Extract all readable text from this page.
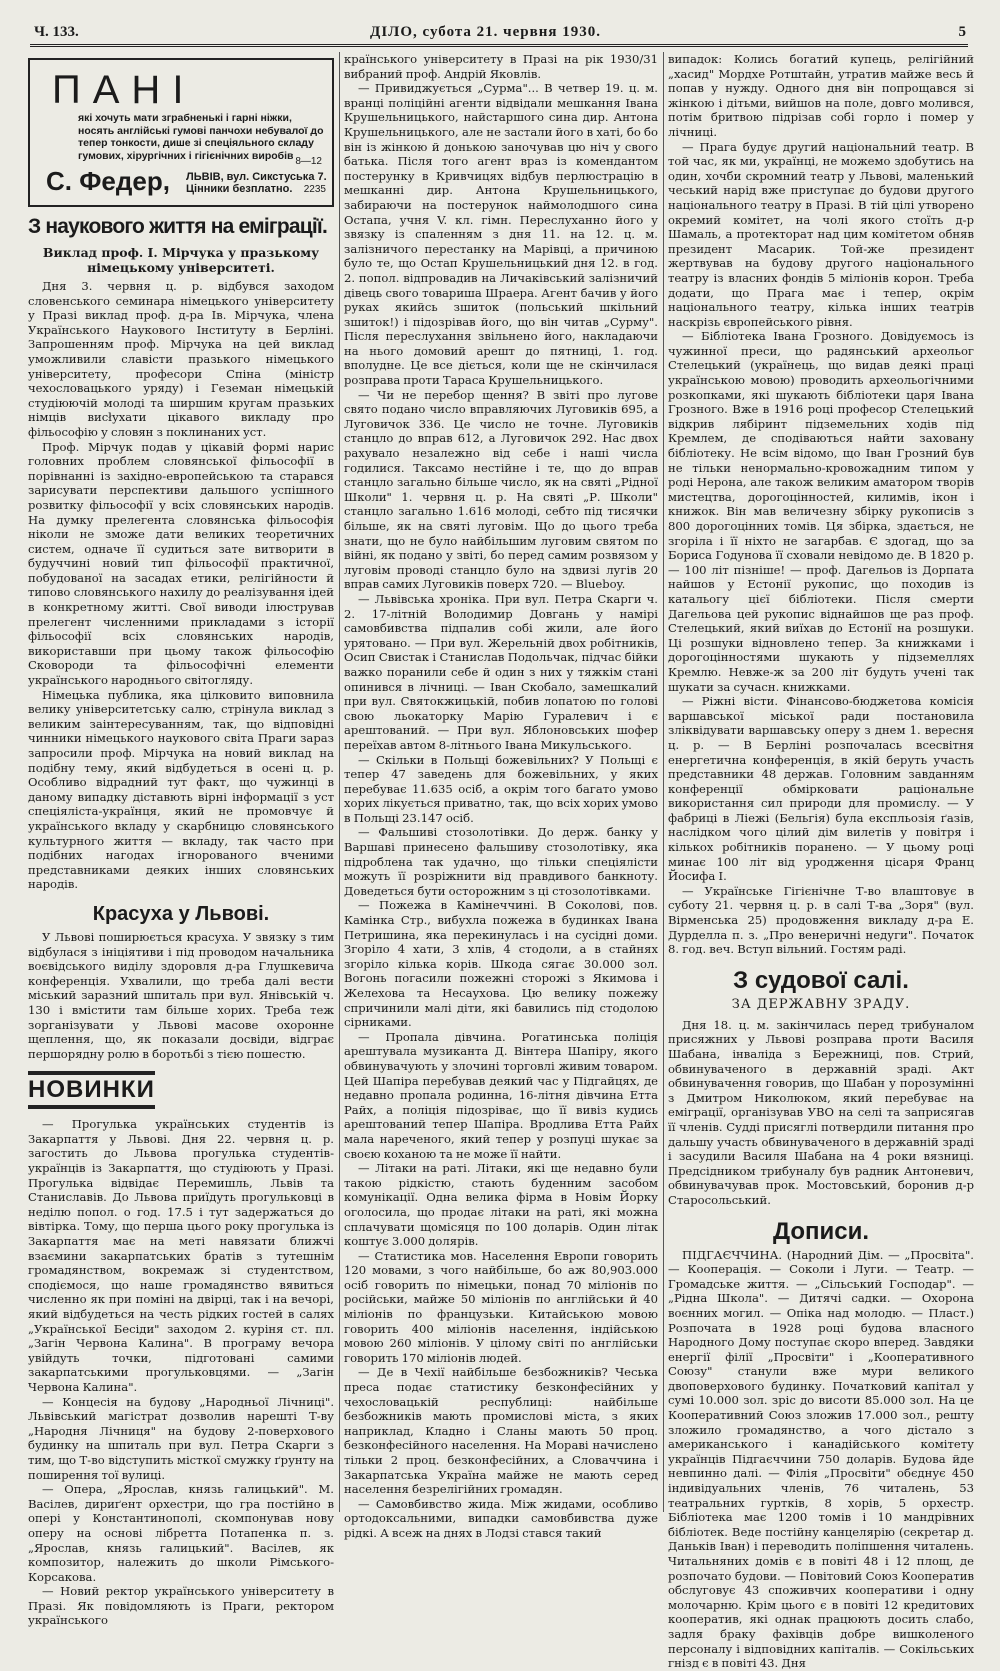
Ч. 133.	ДІЛО, субота 21. червня 1930.	5
ПАНІ
які хочуть мати зграбненькі і гарні ніжки, носять англійські гумові панчохи небувалої до тепер тонкости, дише зі спеціяльного складу гумових, хірургічних і гігієнічних виробів 8—12
С. Федер, ЛЬВІВ, вул. Сикстуська 7.
Цінники безплатно.	2235
З наукового життя на еміграції.
Виклад проф. І. Мірчука у празькому німецькому університеті.

Дня 3. червня ц. р. відбувся заходом словенського семинара німецького університету у Празі виклад проф. д-ра Ів. Мірчука, члена Українського Наукового Інституту в Берліні. Запрошенням проф. Мірчука на цей виклад уможливили славісти празького німецького університету, професори Спіна (міністр чехословацького уряду) і Геземан німецькій студіюючій молоді та ширшим кругам празьких німців висłухати цікавого викладу про фільософію у словян з поклинаних уст.

Проф. Мірчук подав у цікавій формі нарис головних проблем словянської фільософії в порівнанні із західно-европейською та старався зарисувати перспективи дальшого успішного розвитку фільософії у всіх словянських народів. На думку прелегента словянська фільософія ніколи не зможе дати великих теоретичних систем, одначе її судиться зате витворити в будуччині новий тип фільософії практичної, побудованої на засадах етики, релігійности й типово словянського нахилу до реалізування ідей в конкретному житті. Свої виводи ілюстрував прелегент численними прикладами з історії фільософії всіх словянських народів, використавши при цьому також фільософію Сковороди та фільософічні елементи українського народнього світогляду.

Німецька публика, яка цілковито виповнила велику університетську салю, стрінула виклад з великим заінтересуванням, так, що відповідні чинники німецького наукового світа Праги зараз запросили проф. Мірчука на новий виклад на подібну тему, який відбудеться в осені ц. р. Особливо відрадний тут факт, що чужинці в даному випадку діставють вірні інформації з уст спеціяліста-українця, який не промовчує й українського вкладу у скарбницю словянського культурного життя — вкладу, так часто при подібних нагодах ігнорованого вченими представниками деяких інших словянських народів.

Красуха у Львові.

У Львові поширюється красуха. У звязку з тим відбулася з ініціятиви і під проводом начальника воєвідського виділу здоровля д-ра Глушкевича конференція. Ухвалили, що треба далі вести міський заразний шпиталь при вул. Янівській ч. 130 і вмістити там більше хорих. Треба теж зорганізувати у Львові масове охоронне щеплення, що, як показали досвіди, відграє першорядну ролю в боротьбі з тією пошестю.

НОВИНКИ

— Прогулька українських студентів із Закарпаття у Львові. Дня 22. червня ц. р. загостить до Львова прогулька студентів-українців із Закарпаття, що студіюють у Празі. Прогулька відвідає Перемишль, Львів та Станиславів. До Львова приїдуть прогульковці в неділю попол. о год. 17.5 і тут задержаться до вівтірка. Тому, що перша цього року прогулька із Закарпаття має на меті навязати ближчі взаємини закарпатських братів з тутешнім громадянством, вокремаж зі студентством, сподіємося, що наше громадянство вявиться численно як при поміні на двірці, так і на вечорі, який відбудеться на честь рідких гостей в салях „Української Бесіди" заходом 2. куріня ст. пл. „Загін Червона Калина". В програму вечора увійдуть точки, підготовані самими закарпатськими прогульковцями. — „Загін Червона Калина".

— Концесія на будову „Народньої Лічниці". Львівський магістрат дозволив нарешті Т-ву „Народня Лічниця" на будову 2-поверхового будинку на шпиталь при вул. Петра Скарги з тим, що Т-во відступить місткої смужку ґрунту на поширення тої вулиці.

— Опера, „Ярослав, князь галицький". М. Васілев, дириґент орхестри, що гра постійно в опері у Константинополі, скомпонував нову оперу на основі лібретта Потапенка п. з. „Ярослав, князь галицький". Васілев, як композитор, належить до школи Рімського-Корсакова.

— Новий ректор українського університету в Празі. Як повідомляють із Праги, ректором українського

країнського університету в Празі на рік 1930/31 вибраний проф. Андрій Яковлів.

— Привиджується „Сурма"... В четвер 19. ц. м. вранці поліційні агенти відвідали мешкання Івана Крушельницького, найстаршого сина дир. Антона Крушельницького, але не застали його в хаті, бо бо він із жінкою й донькою заночував цю ніч у свого батька. Після того агент враз із комендантом постерунку в Кривчицях відбув перлюстрацію в мешканні дир. Антона Крушельницького, забираючи на постерунок наймолодшого сина Остапа, учня V. кл. гімн. Переслуханно його у звязку із спаленням з дня 11. на 12. ц. м. залізничого перестанку на Марівці, а причиною було те, що Остап Крушельницький дня 12. в год. 2. попол. відпровадив на Личаківський залізничий дівець свого товариша Шраера. Агент бачив у його руках якийсь зшиток (польський шкільний зшиток!) і підозрівав його, що він читав „Сурму". Після переслухання звільнено його, накладаючи на нього домовий арешт до пятниці, 1. год. вполудне. Це все діється, коли ще не скінчилася розправа проти Тараса Крушельницького.

— Чи не перебор щення? В звіті про лугове свято подано число вправляючих Луговиків 695, а Луговичок 336. Це число не точне. Луговиків станцло до вправ 612, а Луговичок 292. Нас двох рахувало незалежно від себе і наші числа годилися. Таксамо нестійне і те, що до вправ станцло загально більше число, як на святі „Рідної Школи" 1. червня ц. р. На святі „Р. Школи" станцло загально 1.616 молоді, себто під тисячки більше, як на святі луговім. Що до цього треба знати, що не було найбільшим луговим святом по війні, як подано у звіті, бо перед самим розвязом у луговім проводі станцло було на здвизі лугів 20 вправ самих Луговиків поверх 720. — Blueboy.

— Львівська хроніка. При вул. Петра Скарги ч. 2. 17-літній Володимир Довгань у намірі самовбивства підпалив собі жили, але його урятовано. — При вул. Жерельній двох робітників, Осип Свистак і Станислав Подольчак, підчас бійки важко поранили себе й один з них у тяжкім стані опинився в лічниці. — Іван Скобало, замешкалий при вул. Святокжицькій, побив лопатою по голові свою льокаторку Марію Гуралевич і є арештований. — При вул. Яблоновських шофер переїхав автом 8-літнього Івана Микульського.

— Скільки в Польщі божевільних? У Польщі є тепер 47 заведень для божевільних, у яких перебуває 11.635 осіб, а окрім того багато умово хорих лікується приватно, так, що всіх хорих умово в Польщі 23.147 осіб.

— Фальшиві стозолотівки. До держ. банку у Варшаві принесено фальшиву стозолотівку, яка підроблена так удачно, що тільки спеціялісти можуть її розріжнити від правдивого банкноту. Доведеться бути осторожним з ці стозолотівками.

— Пожежа в Камінеччині. В Соколові, пов. Камінка Стр., вибухла пожежа в будинках Івана Петришина, яка перекинулась і на сусідні доми. Згоріло 4 хати, 3 хлів, 4 стодоли, а в стайнях згоріло кілька корів. Шкода сягає 30.000 зол. Вогонь погасили пожежні сторожі з Якимова і Желехова та Несаухова. Цю велику пожежу спричинили малі діти, які бавились під стодолою сірниками.

— Пропала дівчина. Рогатинська поліція арештувала музиканта Д. Вінтера Шапіру, якого обвинувачують у злочині торговлі живим товаром. Цей Шапіра перебував деякий час у Підгайцях, де недавно пропала родинна, 16-літня дівчина Етта Райх, а поліція підозріває, що її вивіз кудись арештований тепер Шапіра. Вродлива Етта Райх мала нареченого, який тепер у розпуці шукає за своєю коханою та не може її найти.

— Літаки на раті. Літаки, які ще недавно були такою рідкістю, стають буденним засобом комунікації. Одна велика фірма в Новім Йорку оголосила, що продає літаки на раті, які можна сплачувати щомісяця по 100 доларів. Один літак коштує 3.000 долярів.

— Статистика мов. Населення Европи говорить 120 мовами, з чого найбільше, бо аж 80,903.000 осіб говорить по німецьки, понад 70 міліонів по російськи, майже 50 міліонів по англійськи й 40 міліонів по французьки. Китайською мовою говорить 400 міліонів населення, індійською мовою 260 міліонів. У цілому світі по англійськи говорить 170 міліонів людей.

— Де в Чехії найбільше безбожників? Чеська преса подає статистику безконфесійних у чехословацькій республиці: найбільше безбожників мають промислові міста, з яких наприклад, Кладно і Сланы мають 50 проц. безконфесійного населення. На Мораві начислено тільки 2 проц. безконфесійних, а Словаччина і Закарпатська Україна майже не мають серед населення безрелігійних громадян.

— Самовбивство жида. Між жидами, особливо ортодоксальними, випадки самовбивства дуже рідкі. А всеж на днях в Лодзі стався такий

випадок: Колись богатий купець, релігійний „хасид" Мордхе Ротштайн, утратив майже весь й попав у нужду. Одного дня він попрощався зі жінкою і дітьми, вийшов на поле, довго молився, потім бритвою підрізав собі горло і помер у лічниці.

— Прага будує другий національний театр. В той час, як ми, українці, не можемо здобутись на один, хочби скромний театр у Львові, маленький чеський нарід вже приступає до будови другого національного театру в Празі. В тій цілі утворено окремий комітет, на чолі якого стоїть д-р Шамаль, а протекторат над цим комітетом обняв президент Масарик. Той-же президент жертвував на будову другого національного театру із власних фондів 5 міліонів корон. Треба додати, що Прага має і тепер, окрім національного театру, кілька інших театрів наскрізь європейського рівня.

— Бібліотека Івана Грозного. Довідуємось із чужинної преси, що радянський археольог Стелецький (українець, що видав деякі праці українською мовою) проводить археольогічними розкопками, які шукають бібліотеки царя Івана Грозного. Вже в 1916 році професор Стелецький відкрив лябіринт підземельних ходів під Кремлем, де сподіваються найти заховану бібліотеку. Не всім відомо, що Іван Грозний був не тільки ненормально-кровожадним типом у роді Нерона, але також великим аматором творів мистецтва, дорогоцінностей, килимів, ікон і книжок. Він мав величезну збірку рукописів з 800 дорогоцінних томів. Ця збірка, здається, не згоріла і її ніхто не загарбав. Є здогад, що за Бориса Годунова її сховали невідомо де. В 1820 р. — 100 літ пізніше! — проф. Дагельов із Дорпата найшов у Естонії рукопис, що походив із катальогу цієї бібліотеки. Після смерти Дагельова цей рукопис віднайшов ще раз проф. Стелецький, який виїхав до Естонії на розшуки. Ці розшуки відновлено тепер. За книжками і дорогоцінностями шукають у підземеллях Кремлю. Невже-ж за 200 літ будуть учені так шукати за сучасн. книжками.

— Ріжні вісти. Фінансово-бюджетова комісія варшавської міської ради постановила зліквідувати варшавську оперу з днем 1. вересня ц. р. — В Берліні розпочалась всесвітня енергетична конференція, в якій беруть участь представники 48 держав. Головним завданням конференції обмірковати раціональне використання сил природи для промислу. — У фабриці в Ліежі (Бельгія) була експльозія ґазів, наслідком чого цілий дім вилетів у повітря і кількох робітників поранено. — У цьому році минає 100 літ від уродження цісаря Франц Йосифа І.

— Українське Гігієнічне Т-во влаштовує в суботу 21. червня ц. р. в салі Т-ва „Зоря" (вул. Вірменська 25) продовження викладу д-ра Е. Дурделла п. з. „Про венеричні недуги". Початок 8. год. веч. Вступ вільний. Гостям раді.

З судової салі.
ЗА ДЕРЖАВНУ ЗРАДУ.

Дня 18. ц. м. закінчилась перед трибуналом присяжних у Львові розправа проти Василя Шабана, інваліда з Бережниці, пов. Стрий, обвинуваченого в державній зраді. Акт обвинувачення говорив, що Шабан у порозумінні з Дмитром Николюком, який перебуває на еміграції, організував УВО на селі та заприсягав її членів. Судді присяглі потвердили питання про дальшу участь обвинуваченого в державній зраді і засудили Василя Шабана на 4 роки вязниці. Предсідником трибуналу був радник Антоневич, обвинувачував прок. Мостовський, боронив д-р Старосольський.

Дописи.

ПІДГАЄЧЧИНА. (Народний Дім. — „Просвіта". — Кооперація. — Соколи і Луги. — Театр. — Громадське життя. — „Сільський Господар". — „Рідна Школа". — Дитячі садки. — Охорона воєнних могил. — Опіка над молодю. — Пласт.) Розпочата в 1928 році будова власного Народного Дому поступає скоро вперед. Завдяки енергії філії „Просвіти" і „Кооперативного Союзу" станули вже мури великого двоповерхового будинку. Початковий капітал у сумі 10.000 зол. зріс до висоти 85.000 зол. На це Кооперативний Союз зложив 17.000 зол., решту зложило громадянство, а чого дістало з американського і канадійського комітету українців Підгаєччини 750 доларів. Будова йде невпинно далі. — Філія „Просвіти" обєднує 450 індивідуальних членів, 76 читалень, 53 театральних гуртків, 8 хорів, 5 орхестр. Бібліотека має 1200 томів і 10 мандрівних бібліотек. Веде постійну канцелярію (секретар д. Даньків Іван) і переводить поліпшення читалень. Читальняних домів є в повіті 48 і 12 площ, де розпочато будови. — Повітовий Союз Кооператив обслуговує 43 споживчих кооперативи і одну молочарню. Крім цього є в повіті 12 кредитових кооператив, які однак працюють досить слабо, задля браку фахівців добре вишколеного персоналу і відповідних капіталів. — Сокільських гнізд є в повіті 43. Дня
